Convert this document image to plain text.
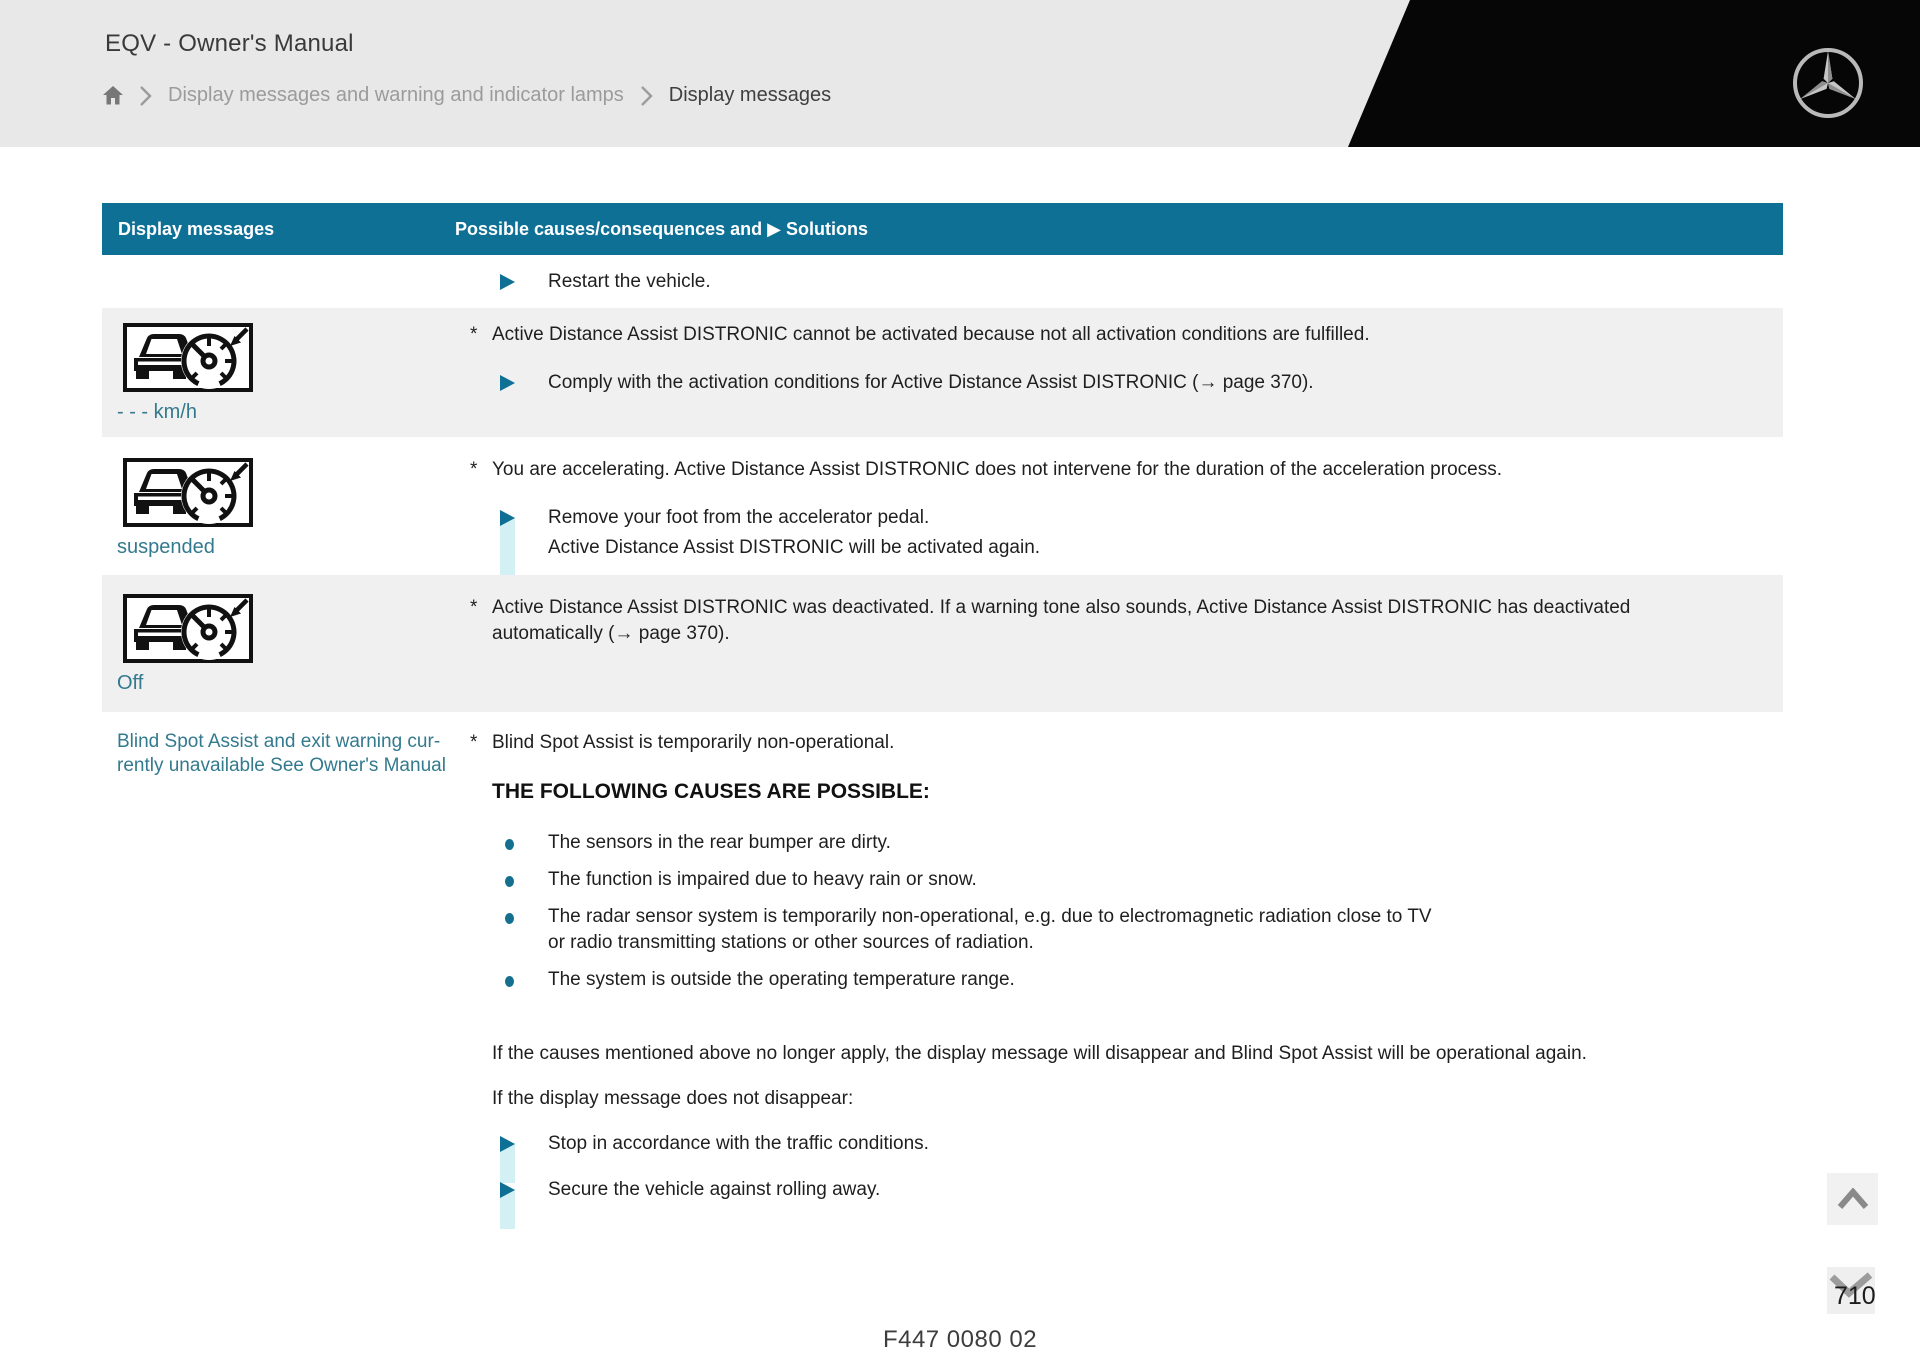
EQV - Owner's Manual
Display messages and warning and indicator lamps Display messages
Display messages	Possible causes/consequences and ▶ Solutions
Restart the vehicle.
- - - km/h
* Active Distance Assist DISTRONIC cannot be activated because not all activation conditions are fulfilled.
Comply with the activation conditions for Active Distance Assist DISTRONIC (→ page 370).
suspended
* You are accelerating. Active Distance Assist DISTRONIC does not intervene for the duration of the acceleration process.
Remove your foot from the accelerator pedal.
Active Distance Assist DISTRONIC will be activated again.
Off
* Active Distance Assist DISTRONIC was deactivated. If a warning tone also sounds, Active Distance Assist DISTRONIC has deactivated automatically (→ page 370).
Blind Spot Assist and exit warning cur-
rently unavailable See Owner's Manual
* Blind Spot Assist is temporarily non-operational.
THE FOLLOWING CAUSES ARE POSSIBLE:
The sensors in the rear bumper are dirty.
The function is impaired due to heavy rain or snow.
The radar sensor system is temporarily non-operational, e.g. due to electromagnetic radiation close to TV or radio transmitting stations or other sources of radiation.
The system is outside the operating temperature range.
If the causes mentioned above no longer apply, the display message will disappear and Blind Spot Assist will be operational again.
If the display message does not disappear:
Stop in accordance with the traffic conditions.
Secure the vehicle against rolling away.
F447 0080 02
710
